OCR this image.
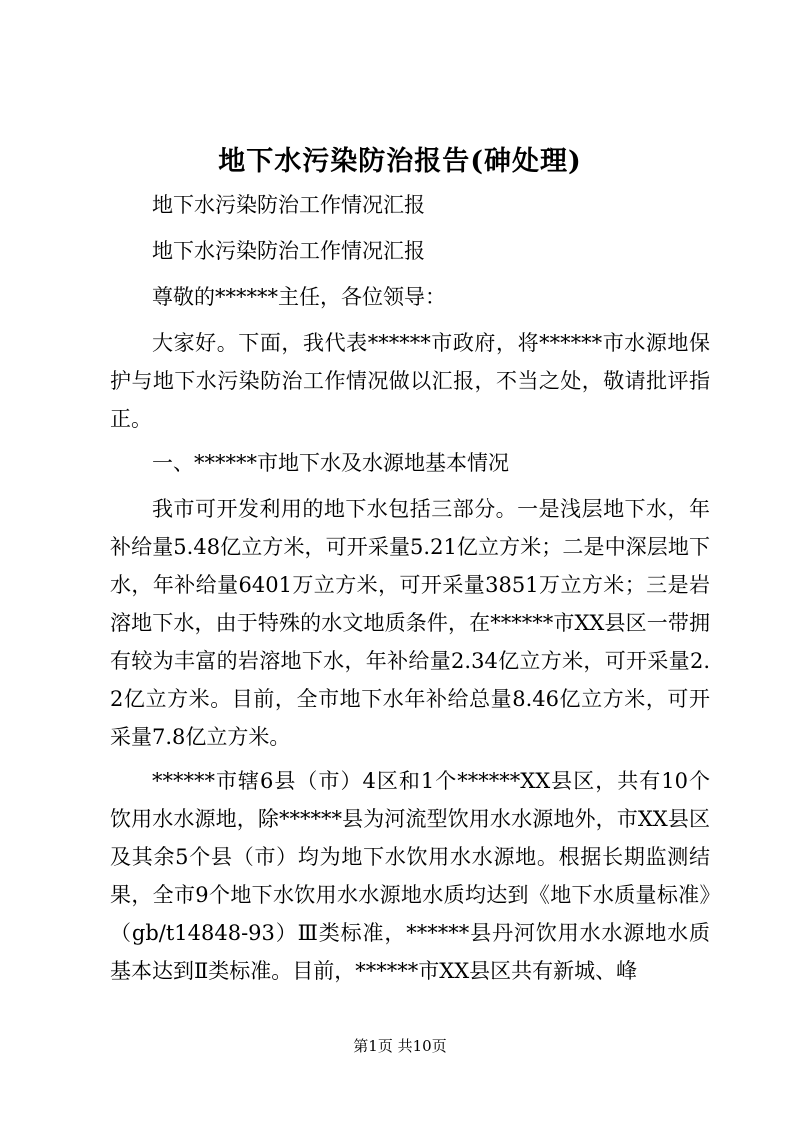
地下水污染防治报告(砷处理)

地下水污染防治工作情况汇报

地下水污染防治工作情况汇报

尊敬的******主任，各位领导：

大家好。下面，我代表******市政府，将******市水源地保护与地下水污染防治工作情况做以汇报，不当之处，敬请批评指正。

一、******市地下水及水源地基本情况

我市可开发利用的地下水包括三部分。一是浅层地下水，年补给量5.48亿立方米，可开采量5.21亿立方米；二是中深层地下水，年补给量6401万立方米，可开采量3851万立方米；三是岩溶地下水，由于特殊的水文地质条件，在******市XX县区一带拥有较为丰富的岩溶地下水，年补给量2.34亿立方米，可开采量2.2亿立方米。目前，全市地下水年补给总量8.46亿立方米，可开采量7.8亿立方米。

******市辖6县（市）4区和1个******XX县区，共有10个饮用水水源地，除******县为河流型饮用水水源地外，市XX县区及其余5个县（市）均为地下水饮用水水源地。根据长期监测结果，全市9个地下水饮用水水源地水质均达到《地下水质量标准》（gb/t14848-93）Ⅲ类标准，******县丹河饮用水水源地水质基本达到Ⅱ类标准。目前，******市XX县区共有新城、峰

第1页 共10页
